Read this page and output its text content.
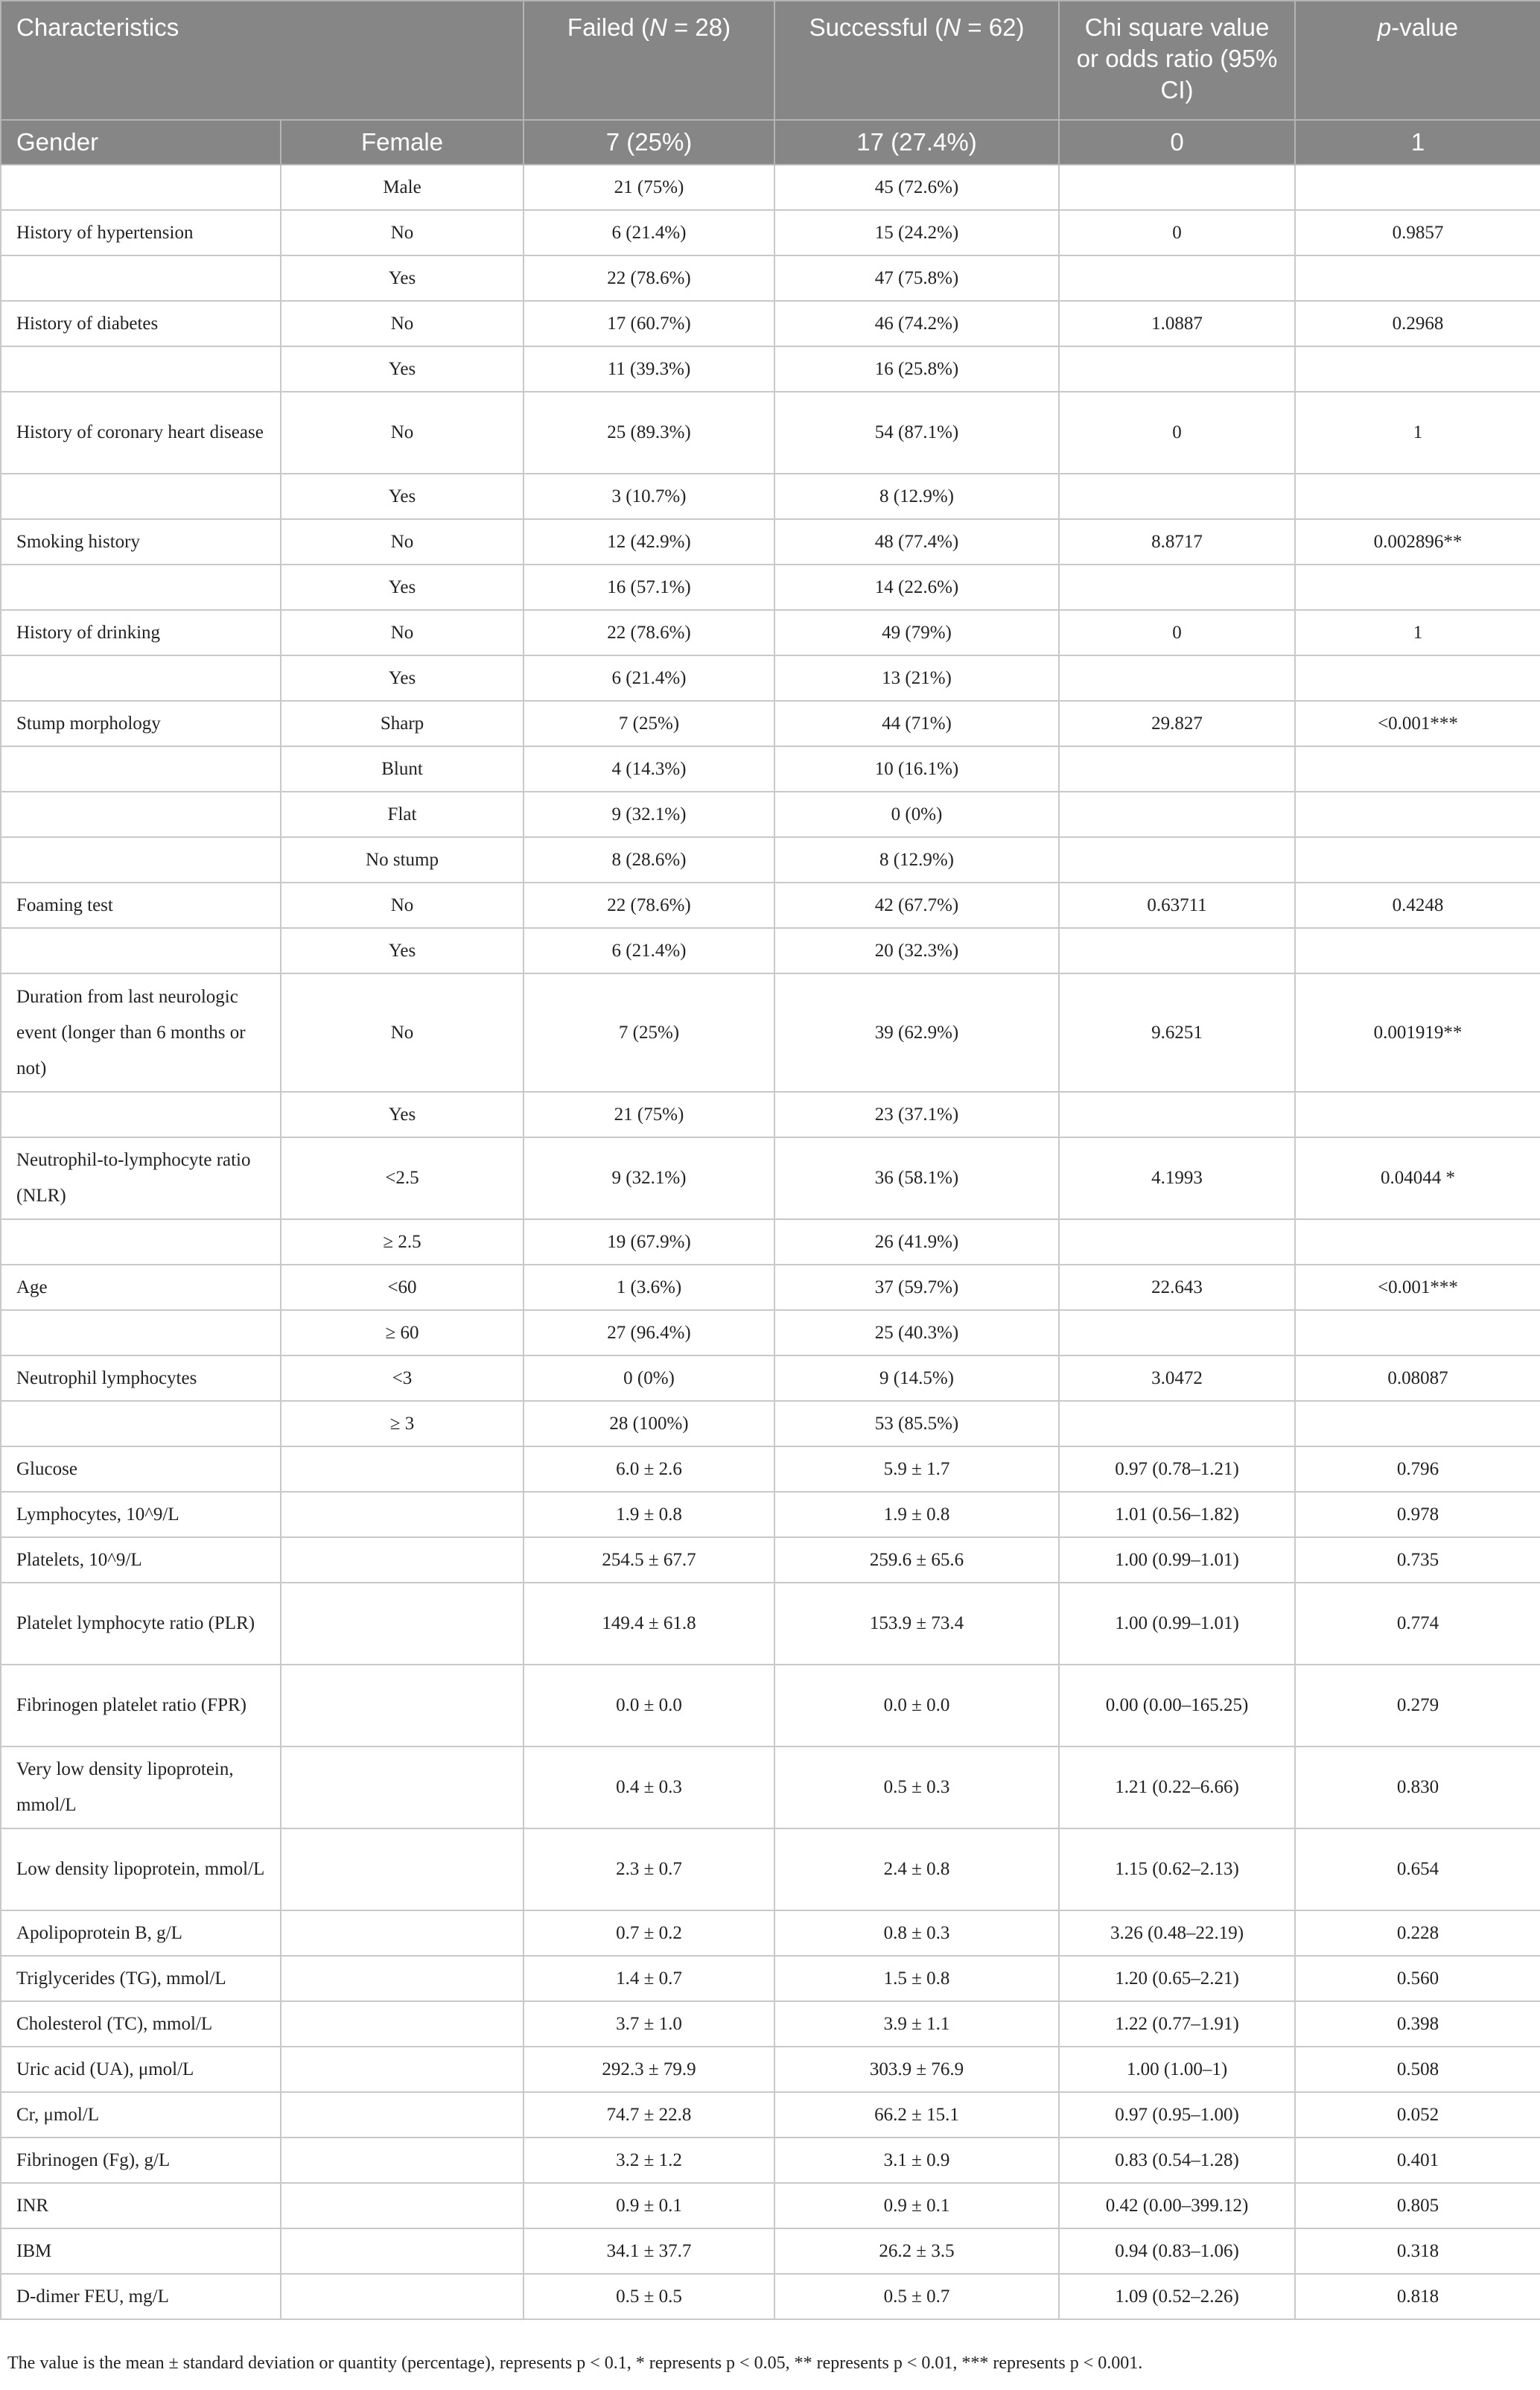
Characteristics		Failed (N = 28)	Successful (N = 62)	Chi square value or odds ratio (95% CI)	p-value
Gender	Female	7 (25%)	17 (27.4%)	0	1
	Male	21 (75%)	45 (72.6%)		
History of hypertension	No	6 (21.4%)	15 (24.2%)	0	0.9857
	Yes	22 (78.6%)	47 (75.8%)		
History of diabetes	No	17 (60.7%)	46 (74.2%)	1.0887	0.2968
	Yes	11 (39.3%)	16 (25.8%)		
History of coronary heart disease	No	25 (89.3%)	54 (87.1%)	0	1
	Yes	3 (10.7%)	8 (12.9%)		
Smoking history	No	12 (42.9%)	48 (77.4%)	8.8717	0.002896**
	Yes	16 (57.1%)	14 (22.6%)		
History of drinking	No	22 (78.6%)	49 (79%)	0	1
	Yes	6 (21.4%)	13 (21%)		
Stump morphology	Sharp	7 (25%)	44 (71%)	29.827	<0.001***
	Blunt	4 (14.3%)	10 (16.1%)		
	Flat	9 (32.1%)	0 (0%)		
	No stump	8 (28.6%)	8 (12.9%)		
Foaming test	No	22 (78.6%)	42 (67.7%)	0.63711	0.4248
	Yes	6 (21.4%)	20 (32.3%)		
Duration from last neurologic event (longer than 6 months or not)	No	7 (25%)	39 (62.9%)	9.6251	0.001919**
	Yes	21 (75%)	23 (37.1%)		
Neutrophil-to-lymphocyte ratio (NLR)	<2.5	9 (32.1%)	36 (58.1%)	4.1993	0.04044 *
	≥ 2.5	19 (67.9%)	26 (41.9%)		
Age	<60	1 (3.6%)	37 (59.7%)	22.643	<0.001***
	≥ 60	27 (96.4%)	25 (40.3%)		
Neutrophil lymphocytes	<3	0 (0%)	9 (14.5%)	3.0472	0.08087
	≥ 3	28 (100%)	53 (85.5%)		
Glucose		6.0 ± 2.6	5.9 ± 1.7	0.97 (0.78–1.21)	0.796
Lymphocytes, 10^9/L		1.9 ± 0.8	1.9 ± 0.8	1.01 (0.56–1.82)	0.978
Platelets, 10^9/L		254.5 ± 67.7	259.6 ± 65.6	1.00 (0.99–1.01)	0.735
Platelet lymphocyte ratio (PLR)		149.4 ± 61.8	153.9 ± 73.4	1.00 (0.99–1.01)	0.774
Fibrinogen platelet ratio (FPR)		0.0 ± 0.0	0.0 ± 0.0	0.00 (0.00–165.25)	0.279
Very low density lipoprotein, mmol/L		0.4 ± 0.3	0.5 ± 0.3	1.21 (0.22–6.66)	0.830
Low density lipoprotein, mmol/L		2.3 ± 0.7	2.4 ± 0.8	1.15 (0.62–2.13)	0.654
Apolipoprotein B, g/L		0.7 ± 0.2	0.8 ± 0.3	3.26 (0.48–22.19)	0.228
Triglycerides (TG), mmol/L		1.4 ± 0.7	1.5 ± 0.8	1.20 (0.65–2.21)	0.560
Cholesterol (TC), mmol/L		3.7 ± 1.0	3.9 ± 1.1	1.22 (0.77–1.91)	0.398
Uric acid (UA), μmol/L		292.3 ± 79.9	303.9 ± 76.9	1.00 (1.00–1)	0.508
Cr, μmol/L		74.7 ± 22.8	66.2 ± 15.1	0.97 (0.95–1.00)	0.052
Fibrinogen (Fg), g/L		3.2 ± 1.2	3.1 ± 0.9	0.83 (0.54–1.28)	0.401
INR		0.9 ± 0.1	0.9 ± 0.1	0.42 (0.00–399.12)	0.805
IBM		34.1 ± 37.7	26.2 ± 3.5	0.94 (0.83–1.06)	0.318
D-dimer FEU, mg/L		0.5 ± 0.5	0.5 ± 0.7	1.09 (0.52–2.26)	0.818
The value is the mean ± standard deviation or quantity (percentage), represents p < 0.1, * represents p < 0.05, ** represents p < 0.01, *** represents p < 0.001.
